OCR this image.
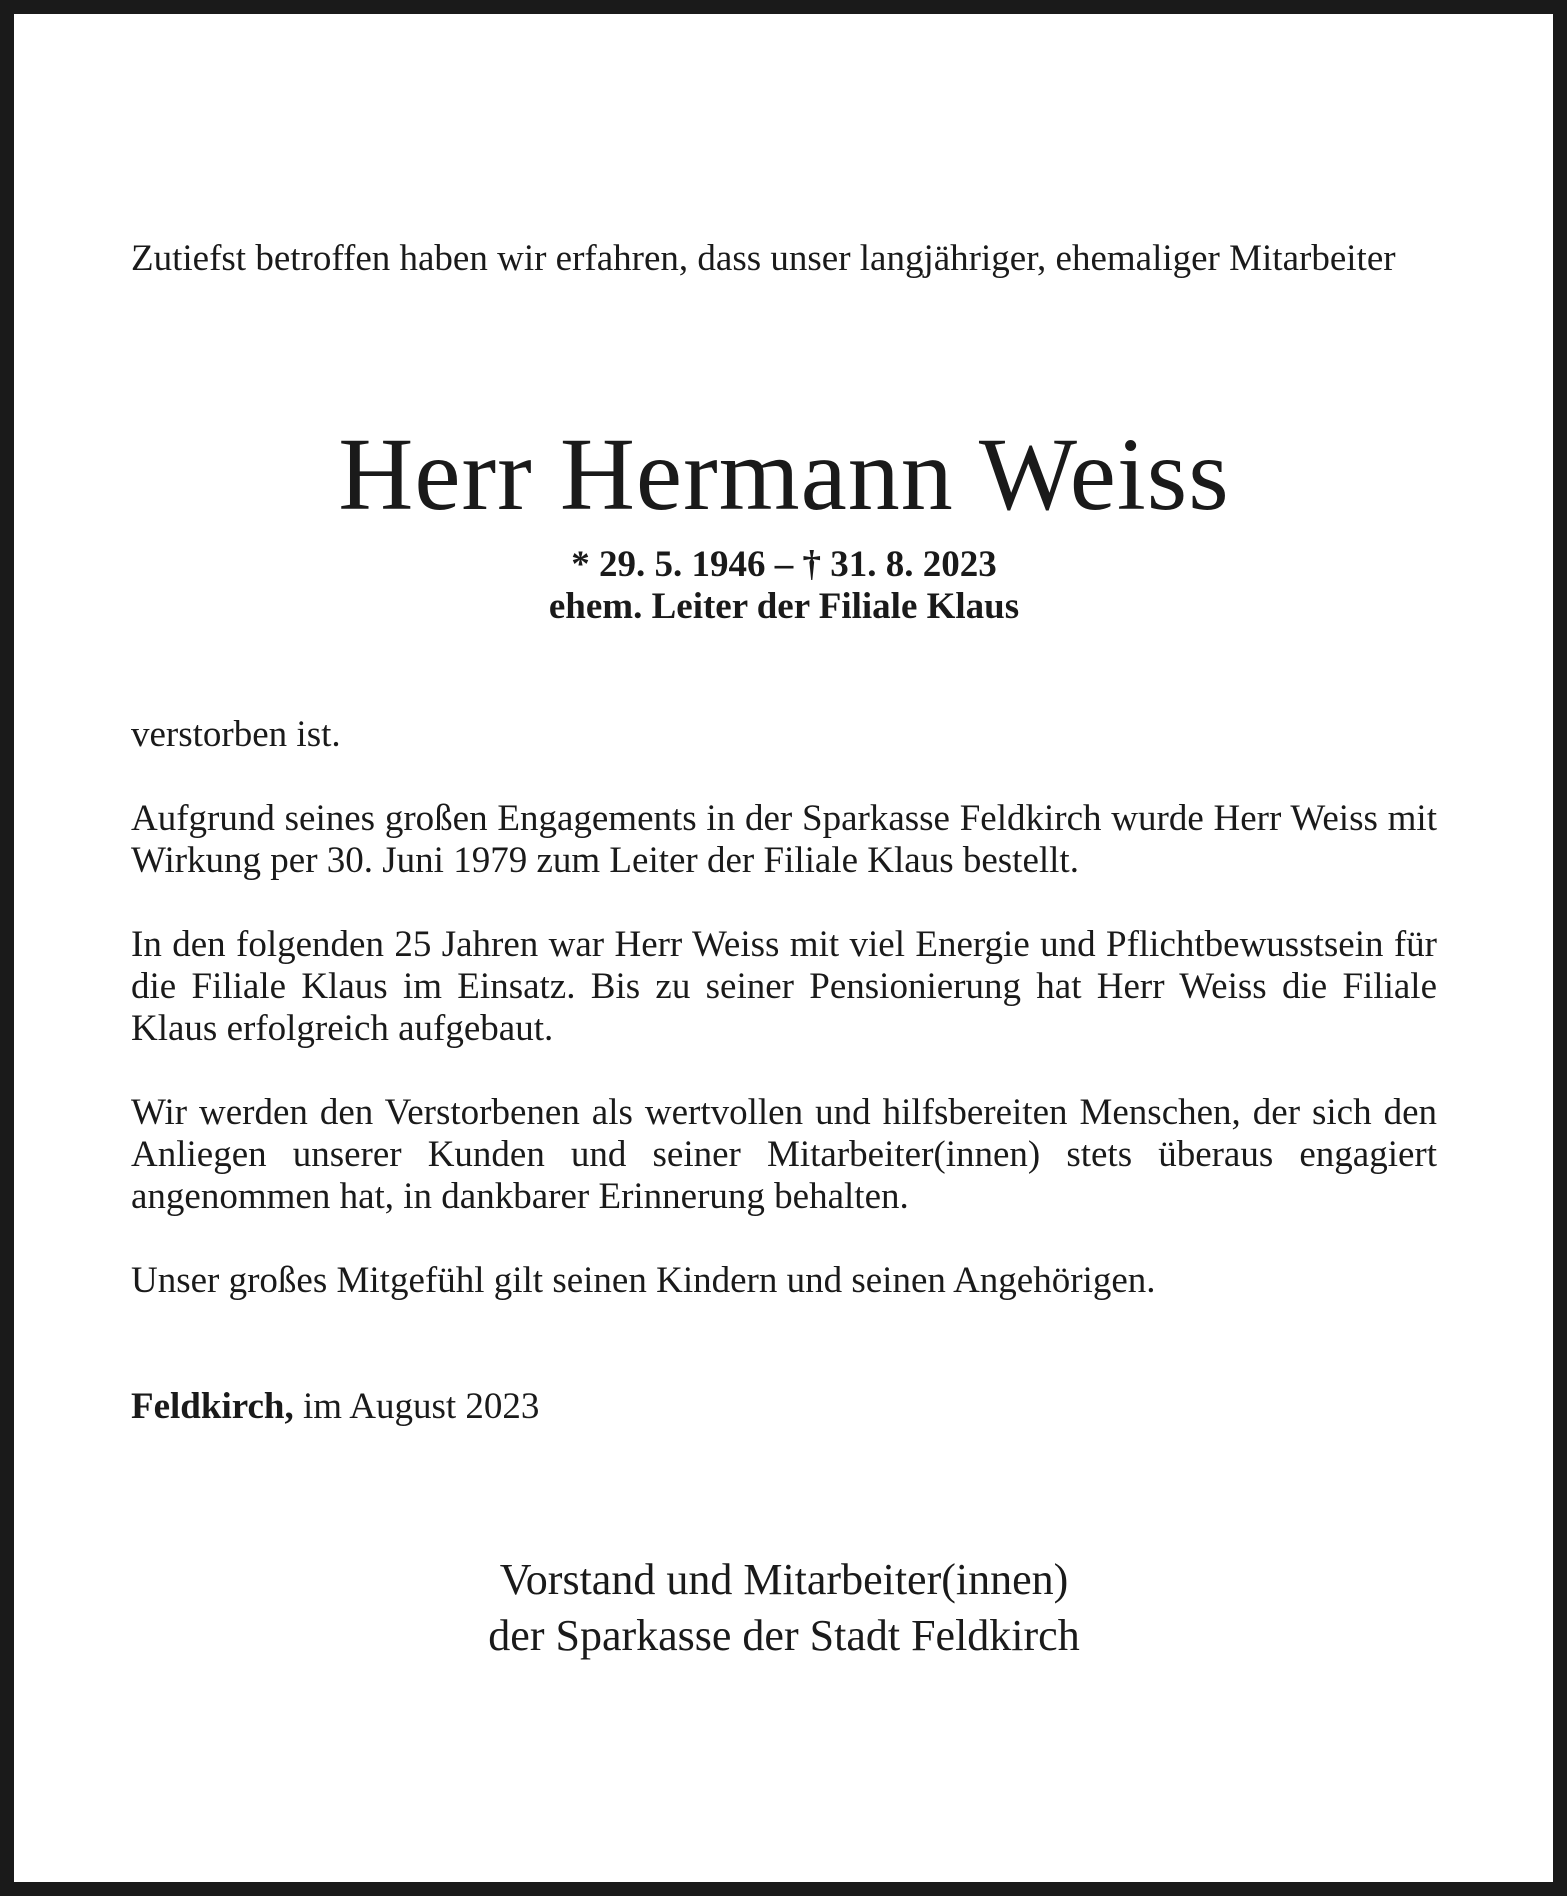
Zutiefst betroffen haben wir erfahren, dass unser langjähriger, ehemaliger Mitarbeiter
Herr Hermann Weiss
* 29. 5. 1946 – † 31. 8. 2023
ehem. Leiter der Filiale Klaus

verstorben ist.

Aufgrund seines großen Engagements in der Sparkasse Feldkirch wurde Herr Weiss mit Wirkung per 30. Juni 1979 zum Leiter der Filiale Klaus bestellt.

In den folgenden 25 Jahren war Herr Weiss mit viel Energie und Pflichtbewusstsein für die Filiale Klaus im Einsatz. Bis zu seiner Pensionierung hat Herr Weiss die Filiale Klaus erfolgreich aufgebaut.

Wir werden den Verstorbenen als wertvollen und hilfsbereiten Menschen, der sich den Anliegen unserer Kunden und seiner Mitarbeiter(innen) stets überaus engagiert angenommen hat, in dankbarer Erinnerung behalten.

Unser großes Mitgefühl gilt seinen Kindern und seinen Angehörigen.

Feldkirch, im August 2023
Vorstand und Mitarbeiter(innen)
der Sparkasse der Stadt Feldkirch
